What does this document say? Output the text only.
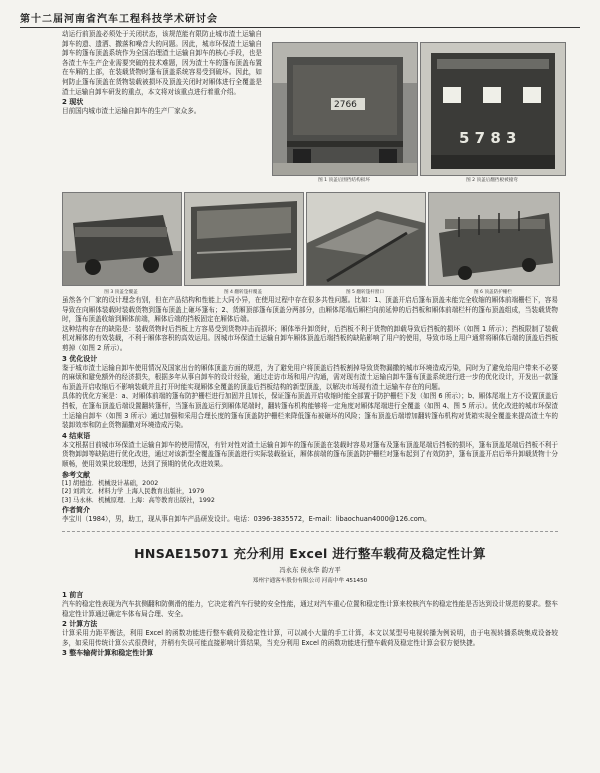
第十二届河南省汽车工程科技学术研讨会

动运行前顶盖必须处于关闭状态，该规范能有限防止城市渣土运输自卸车的遗、遗洒、撒落和噪音大的问题。因此，城市环保渣土运输自卸车的篷布顶盖系统作为全国治理渣土运输自卸车的核心手段，也是各渣土车生产企业需要突破的技术难题，因为渣土车的篷布顶盖布置在车厢的上部，在装载货物时篷布顶盖系统容易受到破坏。因此，如何防止篷布顶盖在货物装载被损坏及顶盖关闭时对厢体进行全覆盖是渣土运输自卸车研发的重点，本文将对该重点进行着重介绍。

2 现状

目前国内城市渣土运输自卸车的生产厂家众多。

2766
图 1 顶盖后围挡结构损坏
5 7 8 3
图 2 顶盖后翻挡板被撞弯
图 3 顶盖全覆盖	图 4 翻转篷杆覆盖	图 5 翻转篷杆窗口	图 6 顶盖防护栅栏

虽然各个厂家的设计理念有别，但在产品结构和性能上大同小异，在使用过程中存在很多共性问题。比如：1、顶盖开启后篷布顶盖未能完全收缩的厢体前端栅栏下，容易导致在向厢体装载时装载货物到篷布顶盖上砸坏篷布；2、货厢顶部篷布顶盖分两部分，由厢体尾端后厢栏向前延伸的后挡板和厢体前端栏杆的篷布顶盖组成，当装载货物时，篷布顶盖收缩到厢体前端，厢体后端的挡板固定在厢体后端。

这种结构存在的缺陷是：装载货物时后挡板上方容易受到货物冲击而损坏；厢体举升卸货时，后挡板不利于货物的卸载导致后挡板的损坏（如图 1 所示）；挡板限制了装载机对厢体的有效装载，不利于厢体容积的高效运用。因城市环保渣土运输自卸车厢体顶盖后端挡板的缺陷影响了用户的使用，导致市场上用户通常将厢体后端的顶盖后挡板剪掉（如图 2 所示）。

3 优化设计

鉴于城市渣土运输自卸车使用情况及国家出台的厢体顶盖方面的规范，为了避免用户将顶盖后挡板割掉导致货物漏撒的城市环境造成污染，同时为了避免给用户带来不必要的麻烦和避免额外的经济损失，根据多年从事自卸车的设计经验，通过走访市场和用户沟通，需对现有渣土运输自卸车篷布顶盖系统进行进一步的优化设计，开发出一款篷布顶盖开启收缩后不影响装载并且打开时能实现厢体全覆盖的顶盖后挡板结构的新型顶盖，以解决市场现有渣土运输车存在的问题。

具体的优化方案是：a、对厢体前端的篷布防护栅栏进行加固并且加长，保证篷布顶盖开启收缩时能全部置于防护栅栏下发（如图 6 所示）；b、厢体尾端上方不设置顶盖后挡板，在篷布顶盖后端设置翻转篷杆，当篷布顶盖运行到厢体尾端时，翻转篷布机构能够将一定角度对厢体尾端进行全覆盖（如图 4、图 5 所示）。优化改进的城市环保渣土运输自卸车（如图 3 所示）通过加强和采用合理长度的篷布顶盖防护栅栏来降低篷布被砸坏的风险；篷布顶盖后端增加翻转篷布机构对货箱实现全覆盖来提高渣土车的装卸效率和防止货物漏撒对环境造成污染。

4 结束语

本文根据目前城市环保渣土运输自卸车的使用情况，有针对性对渣土运输自卸车的篷布顶盖在装载时容易对篷布及篷布顶盖尾端后挡板的损坏，篷布顶盖尾端后挡板不利于货物卸卸等缺陷进行优化改进，通过对该新型全覆盖篷布顶盖进行实际装载验证，厢体前端的篷布顶盖防护栅栏对篷布起到了有效防护，篷布顶盖开启后举升卸载货物十分顺畅，使用效果比较理想，达到了预期的优化改进效果。

参考文献

[1] 胡德迨．机械设计基础，2002

[2] 刘鸿文．材料力学 上海人民教育出版社，1979

[3] 马永林．机械原理．上海：高等教育出版社，1992

作者简介

李宝川（1984），男，助工，现从事自卸车产品研发设计。电话：0396-3835572，E-mail：libaochuan4000@126.com。

HNSAE15071 充分利用 Excel 进行整车载荷及稳定性计算

冯永东 侯永华 韵方平

郑州宇通客车股份有限公司 河南中牟 451450

1 前言

汽车的稳定性表现为汽车抗侧翻和防侧滑的能力，它决定着汽车行驶的安全性能，通过对汽车重心位置和稳定性计算来校核汽车的稳定性能是否达到设计规范的要求。整车稳定性计算通过确定车体布局合理、安全。

2 计算方法

计算采用力距平衡法，利用 Excel 的函数功能进行整车载荷及稳定性计算，可以减小大量的手工计算，本文以某型号电视转播为例说明，由于电视转播系统集成设备较多，如采用传统计算公式很费时，并稍有失误可能直接影响计算结果，当充分利用 Excel 的函数功能进行整车载荷及稳定性计算会很方便快捷。

3 整车输荷计算和稳定性计算
